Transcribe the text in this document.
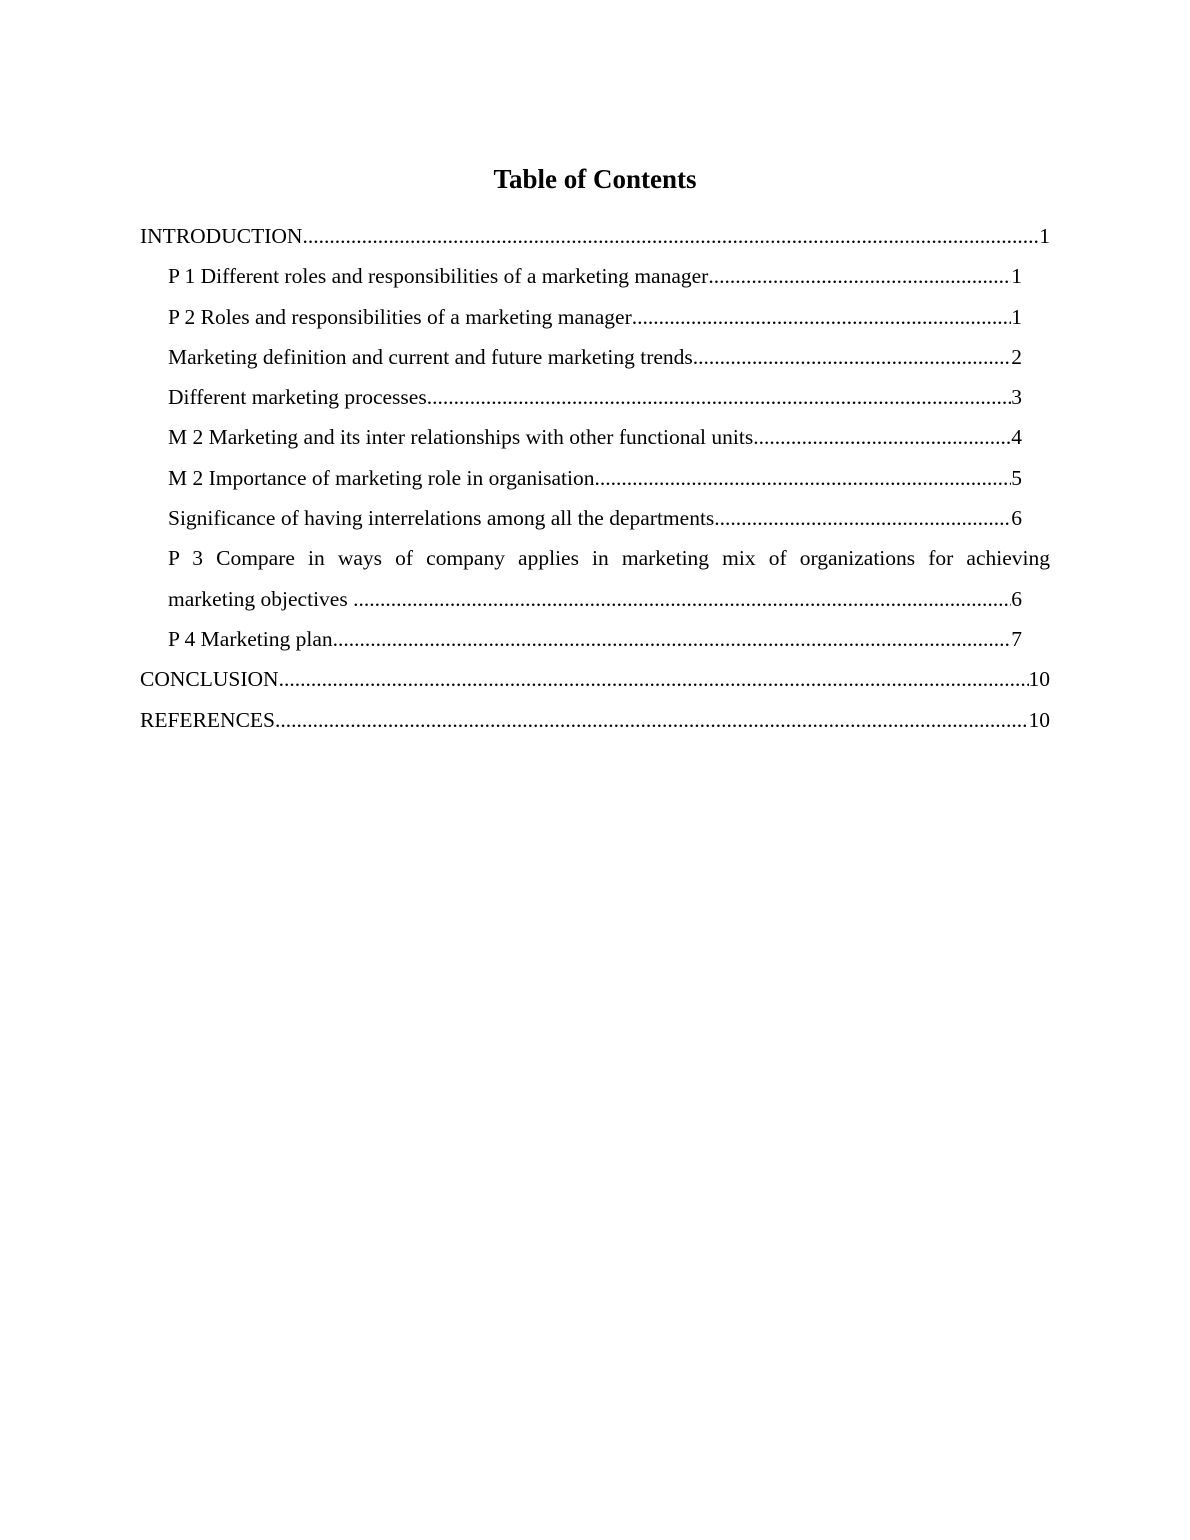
Table of Contents
INTRODUCTION .....	1
P 1 Different roles and responsibilities of a marketing manager .....	1
P 2 Roles and responsibilities of a marketing manager .....	1
Marketing definition and current and future marketing trends .....	2
Different marketing processes .....	3
M 2 Marketing and its inter relationships with other functional units .....	4
M 2 Importance of marketing role in organisation .....	5
Significance of having interrelations among all the departments .....	6
P 3 Compare in ways of company applies in marketing mix of organizations for achieving
marketing objectives .....	6
P 4 Marketing plan .....	7
CONCLUSION .....	10
REFERENCES .....	10
